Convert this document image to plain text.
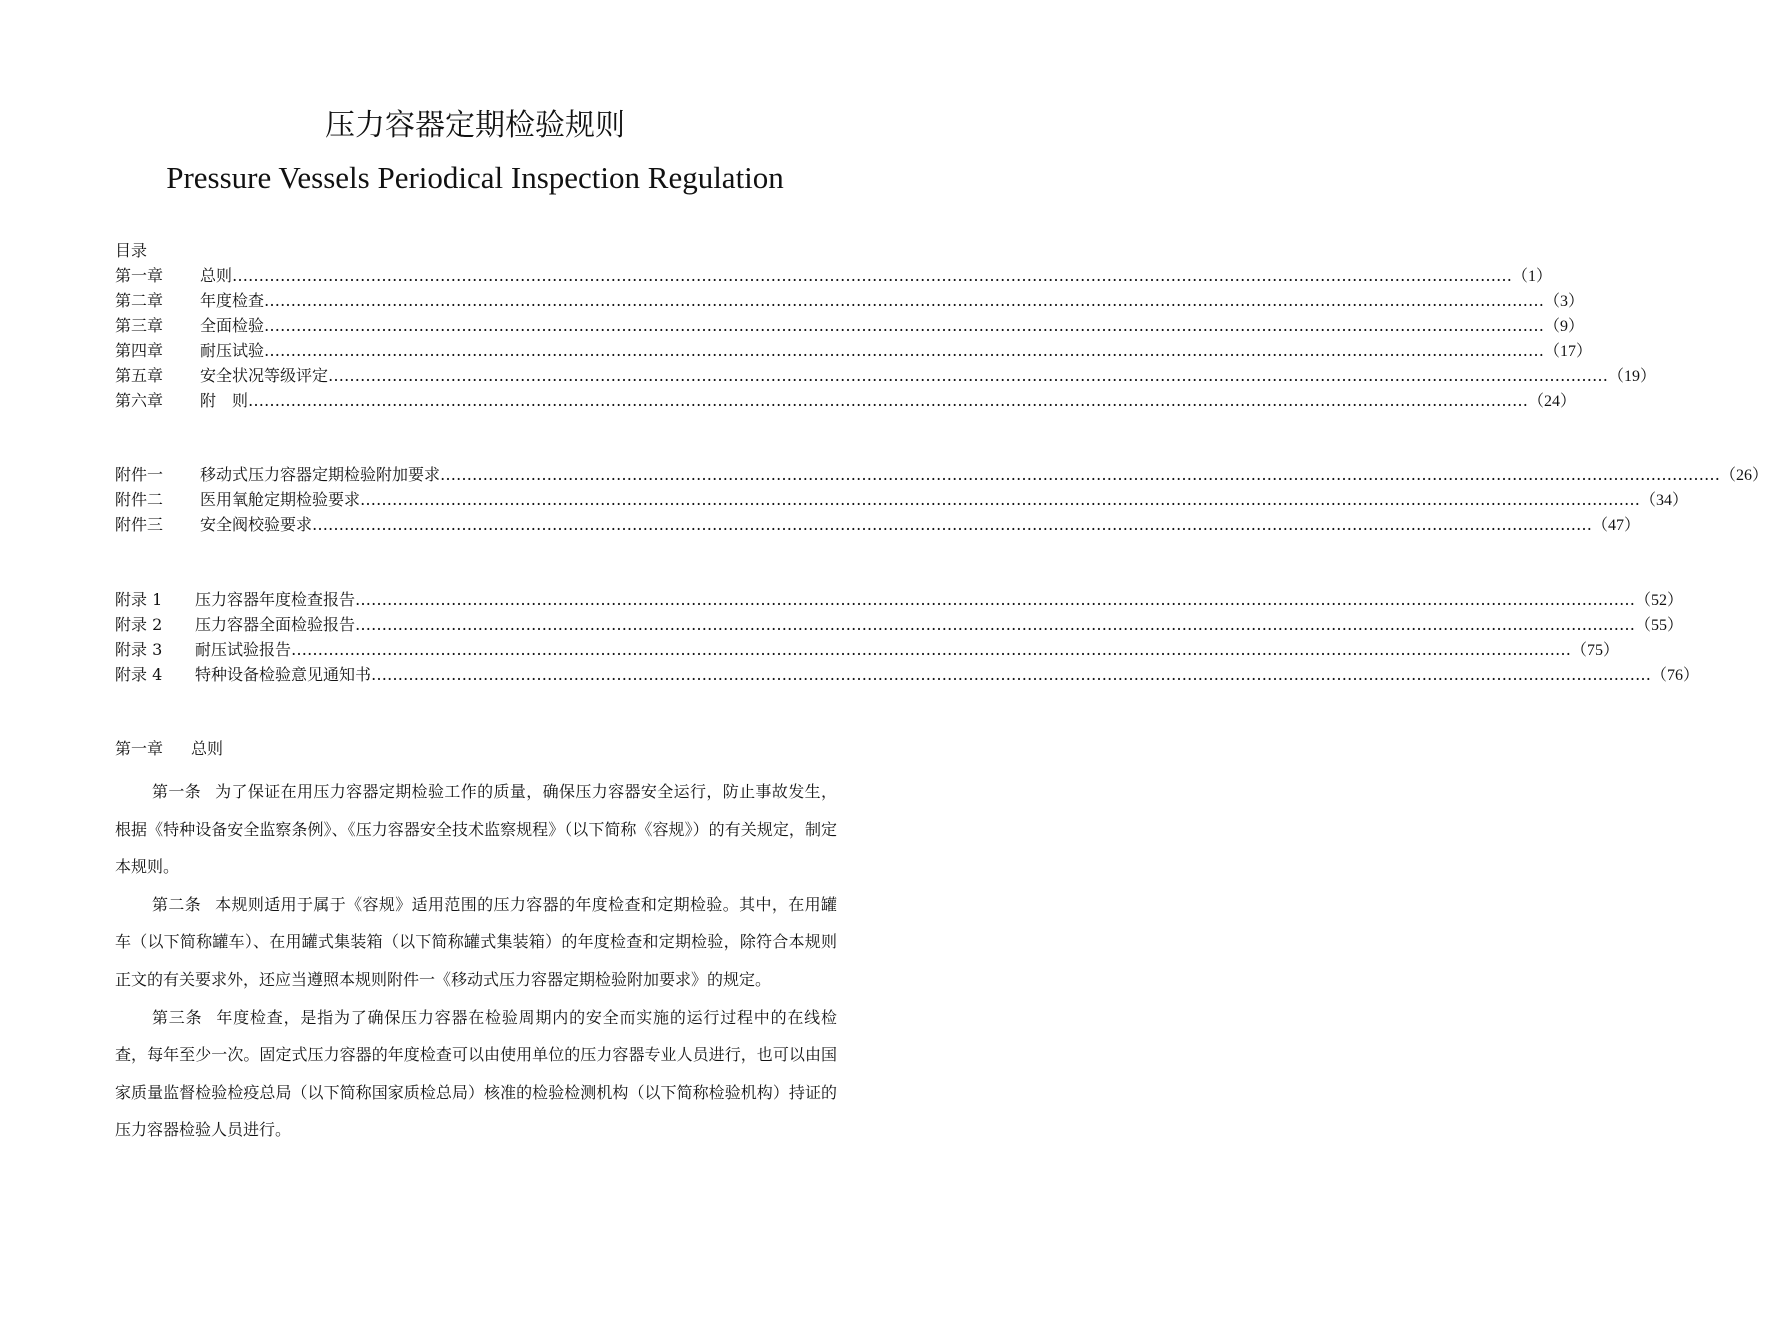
压力容器定期检验规则
Pressure Vessels Periodical Inspection Regulation
目录
第一章	总则 …………………………………………………………………………………………………………………………………………………………………………………………………………………… （1）
第二章	年度检查 …………………………………………………………………………………………………………………………………………………………………………………………………………………… （3）
第三章	全面检验 …………………………………………………………………………………………………………………………………………………………………………………………………………………… （9）
第四章	耐压试验 …………………………………………………………………………………………………………………………………………………………………………………………………………………… （17）
第五章	安全状况等级评定 …………………………………………………………………………………………………………………………………………………………………………………………………………………… （19）
第六章	附　则 …………………………………………………………………………………………………………………………………………………………………………………………………………………… （24）
附件一	移动式压力容器定期检验附加要求 …………………………………………………………………………………………………………………………………………………………………………………………………………………… （26）
附件二	医用氧舱定期检验要求 …………………………………………………………………………………………………………………………………………………………………………………………………………………… （34）
附件三	安全阀校验要求 …………………………………………………………………………………………………………………………………………………………………………………………………………………… （47）
附录 1	压力容器年度检查报告 …………………………………………………………………………………………………………………………………………………………………………………………………………………… （52）
附录 2	压力容器全面检验报告 …………………………………………………………………………………………………………………………………………………………………………………………………………………… （55）
附录 3	耐压试验报告 …………………………………………………………………………………………………………………………………………………………………………………………………………………… （75）
附录 4	特种设备检验意见通知书 …………………………………………………………………………………………………………………………………………………………………………………………………………………… （76）
第一章 总则

第一条 为了保证在用压力容器定期检验工作的质量，确保压力容器安全运行，防止事故发生，根据《特种设备安全监察条例》、《压力容器安全技术监察规程》（以下简称《容规》）的有关规定，制定本规则。

第二条 本规则适用于属于《容规》适用范围的压力容器的年度检查和定期检验。其中，在用罐车（以下简称罐车）、在用罐式集装箱（以下简称罐式集装箱）的年度检查和定期检验，除符合本规则正文的有关要求外，还应当遵照本规则附件一《移动式压力容器定期检验附加要求》的规定。

第三条 年度检查，是指为了确保压力容器在检验周期内的安全而实施的运行过程中的在线检查，每年至少一次。固定式压力容器的年度检查可以由使用单位的压力容器专业人员进行，也可以由国家质量监督检验检疫总局（以下简称国家质检总局）核准的检验检测机构（以下简称检验机构）持证的压力容器检验人员进行。
